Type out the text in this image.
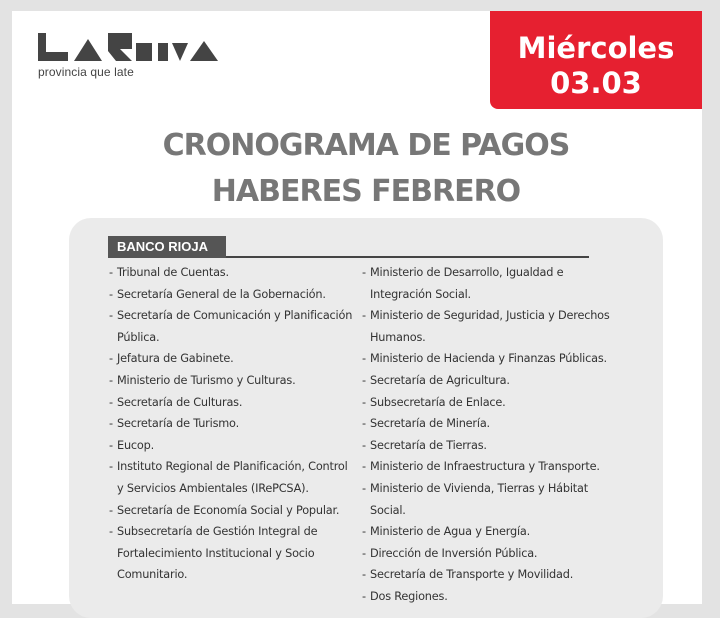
provincia que late
Miércoles
03.03
CRONOGRAMA DE PAGOS
HABERES FEBRERO
BANCO RIOJA
- Tribunal de Cuentas.
- Secretaría General de la Gobernación.
- Secretaría de Comunicación y Planificación Pública.
- Jefatura de Gabinete.
- Ministerio de Turismo y Culturas.
- Secretaría de Culturas.
- Secretaría de Turismo.
- Eucop.
- Instituto Regional de Planificación, Control y Servicios Ambientales (IRePCSA).
- Secretaría de Economía Social y Popular.
- Subsecretaría de Gestión Integral de Fortalecimiento Institucional y Socio Comunitario.
- Ministerio de Desarrollo, Igualdad e Integración Social.
- Ministerio de Seguridad, Justicia y Derechos Humanos.
- Ministerio de Hacienda y Finanzas Públicas.
- Secretaría de Agricultura.
- Subsecretaría de Enlace.
- Secretaría de Minería.
- Secretaría de Tierras.
- Ministerio de Infraestructura y Transporte.
- Ministerio de Vivienda, Tierras y Hábitat Social.
- Ministerio de Agua y Energía.
- Dirección de Inversión Pública.
- Secretaría de Transporte y Movilidad.
- Dos Regiones.
